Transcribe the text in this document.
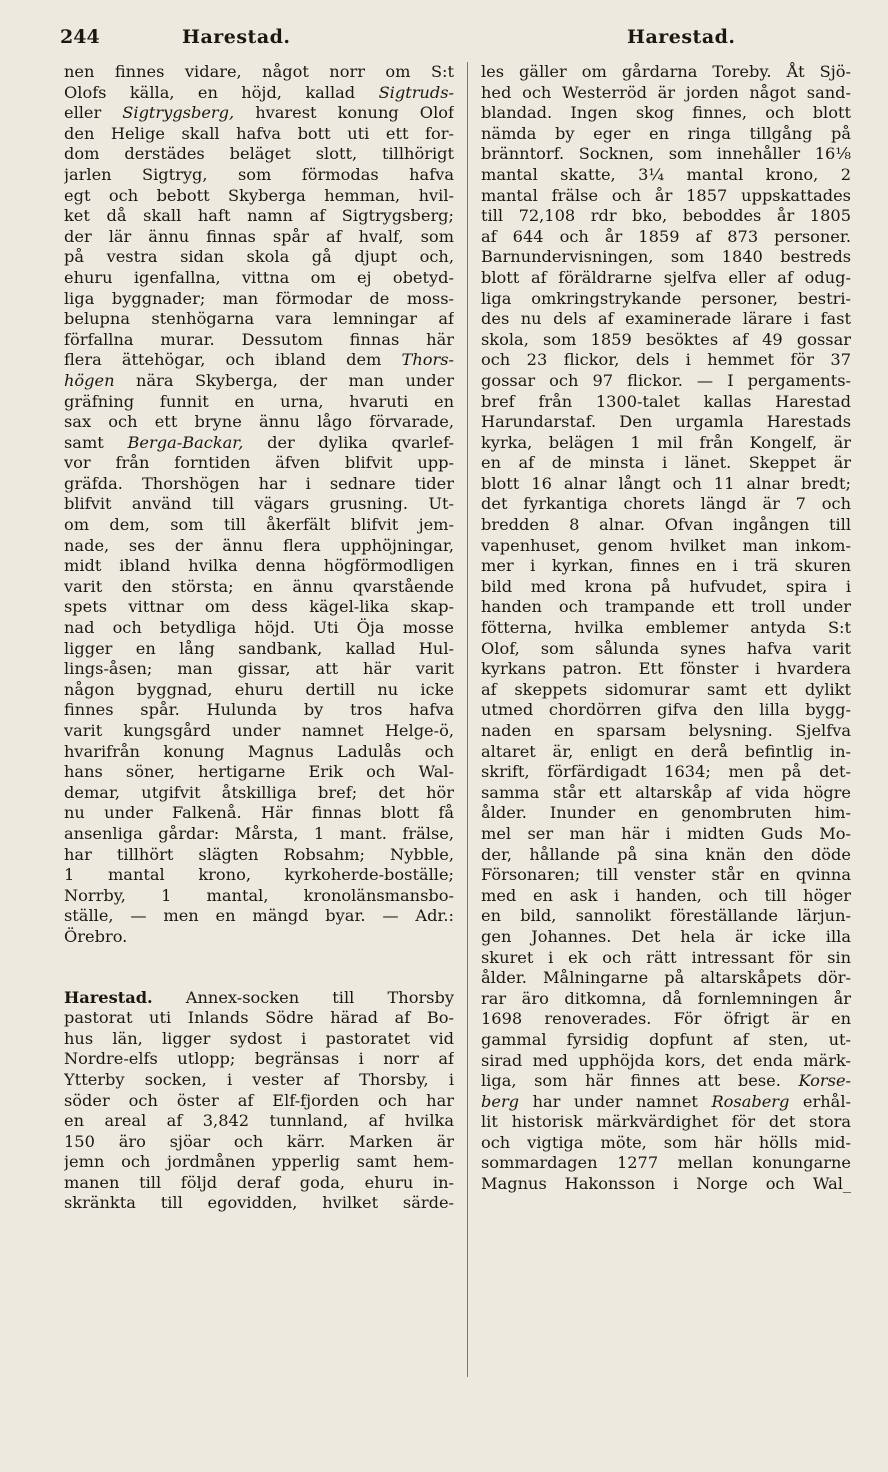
244	Harestad.	Harestad.
nen finnes vidare, något norr om S:t
Olofs källa, en höjd, kallad Sigtruds-
eller Sigtrygsberg, hvarest konung Olof
den Helige skall hafva bott uti ett for-
dom derstädes beläget slott, tillhörigt
jarlen Sigtryg, som förmodas hafva
egt och bebott Skyberga hemman, hvil-
ket då skall haft namn af Sigtrygsberg;
der lär ännu finnas spår af hvalf, som
på vestra sidan skola gå djupt och,
ehuru igenfallna, vittna om ej obetyd-
liga byggnader; man förmodar de moss-
belupna stenhögarna vara lemningar af
förfallna murar. Dessutom finnas här
flera ättehögar, och ibland dem Thors-
högen nära Skyberga, der man under
gräfning funnit en urna, hvaruti en
sax och ett bryne ännu lågo förvarade,
samt Berga-Backar, der dylika qvarlef-
vor från forntiden äfven blifvit upp-
gräfda. Thorshögen har i sednare tider
blifvit använd till vägars grusning. Ut-
om dem, som till åkerfält blifvit jem-
nade, ses der ännu flera upphöjningar,
midt ibland hvilka denna högförmodligen
varit den största; en ännu qvarstående
spets vittnar om dess kägel-lika skap-
nad och betydliga höjd. Uti Öja mosse
ligger en lång sandbank, kallad Hul-
lings-åsen; man gissar, att här varit
någon byggnad, ehuru dertill nu icke
finnes spår. Hulunda by tros hafva
varit kungsgård under namnet Helge-ö,
hvarifrån konung Magnus Ladulås och
hans söner, hertigarne Erik och Wal-
demar, utgifvit åtskilliga bref; det hör
nu under Falkenå. Här finnas blott få
ansenliga gårdar: Mårsta, 1 mant. frälse,
har tillhört slägten Robsahm; Nybble,
1 mantal krono, kyrkoherde-boställe;
Norrby, 1 mantal, kronolänsmansbo-
ställe, — men en mängd byar. — Adr.:
Örebro.
Harestad. Annex-socken till Thorsby
pastorat uti Inlands Södre härad af Bo-
hus län, ligger sydost i pastoratet vid
Nordre-elfs utlopp; begränsas i norr af
Ytterby socken, i vester af Thorsby, i
söder och öster af Elf-fjorden och har
en areal af 3,842 tunnland, af hvilka
150 äro sjöar och kärr. Marken är
jemn och jordmånen ypperlig samt hem-
manen till följd deraf goda, ehuru in-
skränkta till egovidden, hvilket särde-
les gäller om gårdarna Toreby. Åt Sjö-
hed och Westerröd är jorden något sand-
blandad. Ingen skog finnes, och blott
nämda by eger en ringa tillgång på
bränntorf. Socknen, som innehåller 16⅛
mantal skatte, 3¼ mantal krono, 2
mantal frälse och år 1857 uppskattades
till 72,108 rdr bko, beboddes år 1805
af 644 och år 1859 af 873 personer.
Barnundervisningen, som 1840 bestreds
blott af föräldrarne sjelfva eller af odug-
liga omkringstrykande personer, bestri-
des nu dels af examinerade lärare i fast
skola, som 1859 besöktes af 49 gossar
och 23 flickor, dels i hemmet för 37
gossar och 97 flickor. — I pergaments-
bref från 1300-talet kallas Harestad
Harundarstaf. Den urgamla Harestads
kyrka, belägen 1 mil från Kongelf, är
en af de minsta i länet. Skeppet är
blott 16 alnar långt och 11 alnar bredt;
det fyrkantiga chorets längd är 7 och
bredden 8 alnar. Ofvan ingången till
vapenhuset, genom hvilket man inkom-
mer i kyrkan, finnes en i trä skuren
bild med krona på hufvudet, spira i
handen och trampande ett troll under
fötterna, hvilka emblemer antyda S:t
Olof, som sålunda synes hafva varit
kyrkans patron. Ett fönster i hvardera
af skeppets sidomurar samt ett dylikt
utmed chordörren gifva den lilla bygg-
naden en sparsam belysning. Sjelfva
altaret är, enligt en derå befintlig in-
skrift, förfärdigadt 1634; men på det-
samma står ett altarskåp af vida högre
ålder. Inunder en genombruten him-
mel ser man här i midten Guds Mo-
der, hållande på sina knän den döde
Försonaren; till venster står en qvinna
med en ask i handen, och till höger
en bild, sannolikt föreställande lärjun-
gen Johannes. Det hela är icke illa
skuret i ek och rätt intressant för sin
ålder. Målningarne på altarskåpets dör-
rar äro ditkomna, då fornlemningen år
1698 renoverades. För öfrigt är en
gammal fyrsidig dopfunt af sten, ut-
sirad med upphöjda kors, det enda märk-
liga, som här finnes att bese. Korse-
berg har under namnet Rosaberg erhål-
lit historisk märkvärdighet för det stora
och vigtiga möte, som här hölls mid-
sommardagen 1277 mellan konungarne
Magnus Hakonsson i Norge och Wal_
